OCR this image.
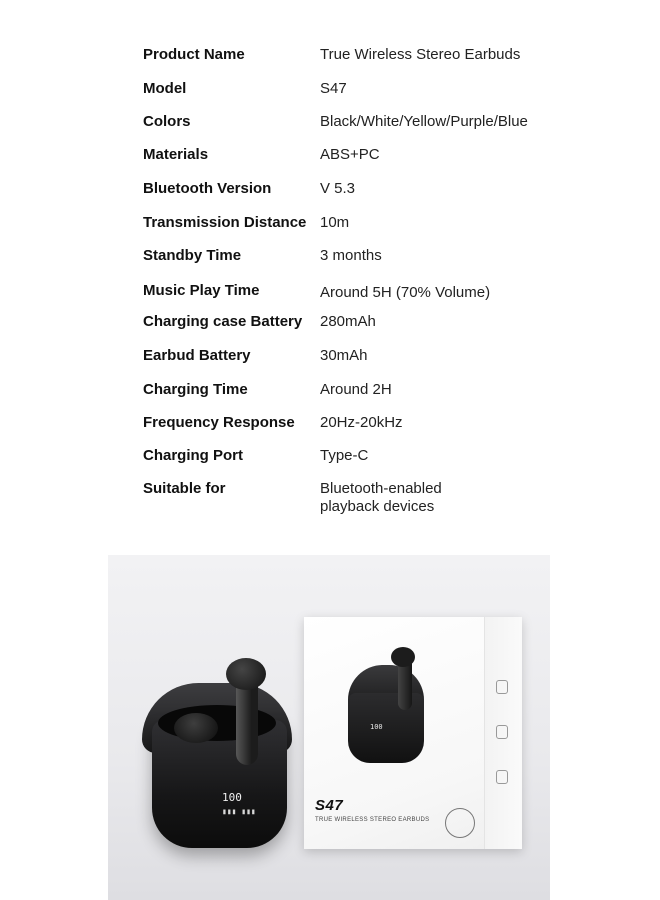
Product Name	True Wireless Stereo Earbuds
Model	S47
Colors	Black/White/Yellow/Purple/Blue
Materials	ABS+PC
Bluetooth Version	V 5.3
Transmission Distance 10m
Standby Time	3 months
Music Play Time	Around 5H (70% Volume)
Charging case Battery 280mAh
Earbud Battery	30mAh
Charging Time	Around 2H
Frequency Response 20Hz-20kHz
Charging Port	Type-C
Suitable for	Bluetooth-enabled
playback devices
100
S47
TRUE WIRELESS STEREO EARBUDS
100
▮▮▮ ▮▮▮
